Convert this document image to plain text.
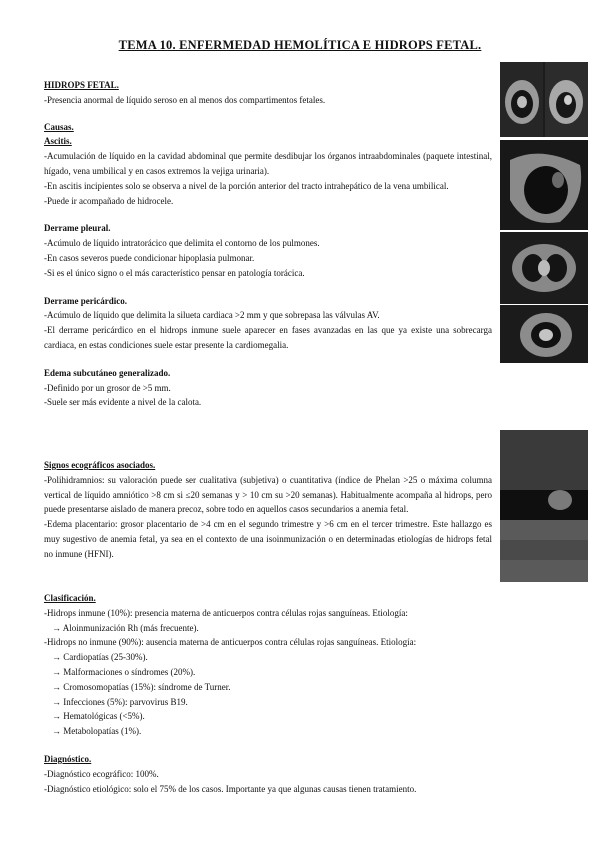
TEMA 10. ENFERMEDAD HEMOLÍTICA E HIDROPS FETAL.

HIDROPS FETAL.

-Presencia anormal de líquido seroso en al menos dos compartimentos fetales.

Causas.

Ascitis.

-Acumulación de líquido en la cavidad abdominal que permite desdibujar los órganos intraabdominales (paquete intestinal, hígado, vena umbilical y en casos extremos la vejiga urinaria).

-En ascitis incipientes solo se observa a nivel de la porción anterior del tracto intrahepático de la vena umbilical.

-Puede ir acompañado de hidrocele.

Derrame pleural.

-Acúmulo de líquido intratorácico que delimita el contorno de los pulmones.

-En casos severos puede condicionar hipoplasia pulmonar.

-Si es el único signo o el más característico pensar en patología torácica.

Derrame pericárdico.

-Acúmulo de líquido que delimita la silueta cardiaca >2 mm y que sobrepasa las válvulas AV.

-El derrame pericárdico en el hidrops inmune suele aparecer en fases avanzadas en las que ya existe una sobrecarga cardiaca, en estas condiciones suele estar presente la cardiomegalia.

Edema subcutáneo generalizado.

-Definido por un grosor de >5 mm.

-Suele ser más evidente a nivel de la calota.

Signos ecográficos asociados.

-Polihidramnios: su valoración puede ser cualitativa (subjetiva) o cuantitativa (índice de Phelan >25 o máxima columna vertical de líquido amniótico >8 cm si ≤20 semanas y > 10 cm su >20 semanas). Habitualmente acompaña al hidrops, pero puede presentarse aislado de manera precoz, sobre todo en aquellos casos secundarios a anemia fetal.

-Edema placentario: grosor placentario de >4 cm en el segundo trimestre y >6 cm en el tercer trimestre. Este hallazgo es muy sugestivo de anemia fetal, ya sea en el contexto de una isoinmunización o en determinadas etiologías de hidrops fetal no inmune (HFNI).

Clasificación.

-Hidrops inmune (10%): presencia materna de anticuerpos contra células rojas sanguíneas. Etiología:

→ Aloinmunización Rh (más frecuente).

-Hidrops no inmune (90%): ausencia materna de anticuerpos contra células rojas sanguíneas. Etiología:

→ Cardiopatías (25-30%).

→ Malformaciones o síndromes (20%).

→ Cromosomopatías (15%): síndrome de Turner.

→ Infecciones (5%): parvovirus B19.

→ Hematológicas (<5%).

→ Metabolopatías (1%).

Diagnóstico.

-Diagnóstico ecográfico: 100%.

-Diagnóstico etiológico: solo el 75% de los casos. Importante ya que algunas causas tienen tratamiento.
